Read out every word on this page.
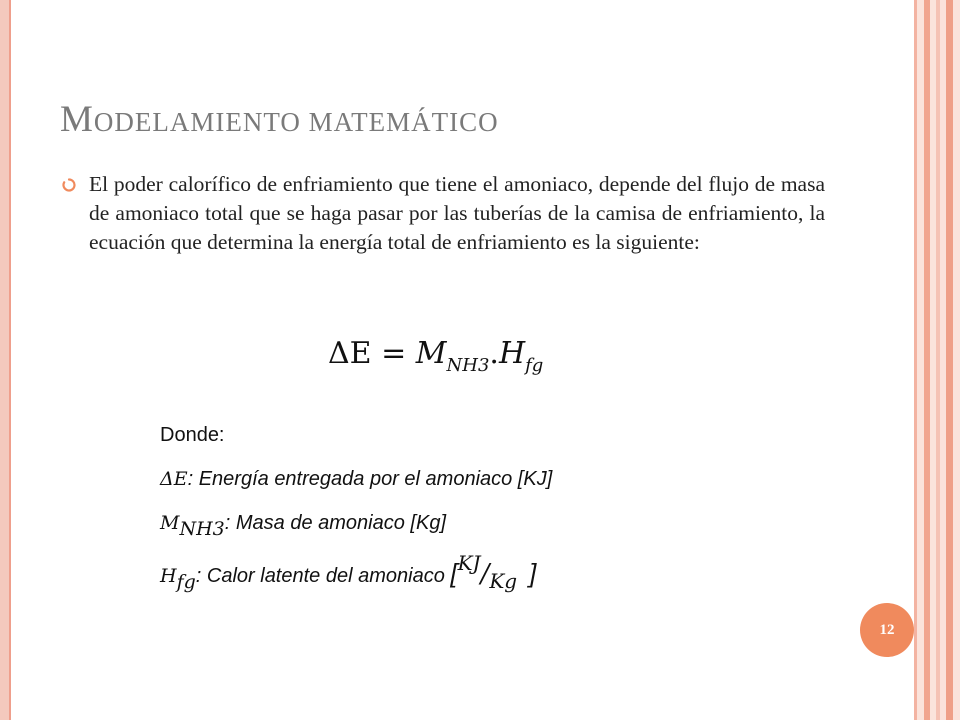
MODELAMIENTO MATEMÁTICO
El poder calorífico de enfriamiento que tiene el amoniaco, depende del flujo de masa de amoniaco total que se haga pasar por las tuberías de la camisa de enfriamiento, la ecuación que determina la energía total de enfriamiento es la siguiente:
$\Delta E = M_{NH3}.H_{fg}$
Donde:
ΔE: Energía entregada por el amoniaco [KJ]
$M_{NH3}$: Masa de amoniaco [Kg]
$H_{fg}$: Calor latente del amoniaco [KJ/Kg ]
12
